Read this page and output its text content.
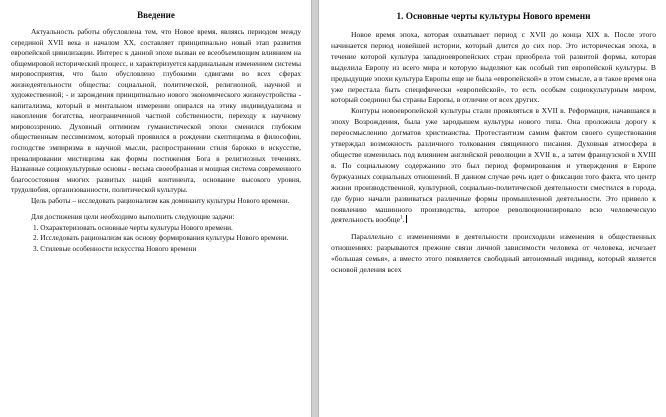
Введение

Актуальность работы обусловлена тем, что Новое время, являясь периодом между серединой XVII века и началом XX, составляет принципиально новый этап развития европейской цивилизации. Интерес к данной эпохе вызван ее всеобъемлющим влиянием на общемировой исторический процесс, и характеризуется кардинальным изменением системы мировосприятия, что было обусловлено глубокими сдвигами во всех сферах жизнедеятельности общества: социальной, политической, религиозной, научной и художественной; - и зарождения принципиально нового экономического жизнеустройства - капитализма, который в ментальном измерении опирался на этику индивидуализма и накопления богатства, неограниченной частной собственности, переходу к научному мировоззрению. Духовный оптимизм гуманистической эпохи сменился глубоким общественным пессимизмом, который проявился в рождении скептицизма в философии, господстве эмпиризма в научной мысли, распространении стиля барокко в искусстве, превалировании мистицизма как формы постижения Бога в религиозных течениях. Названные социокультурные основы - весьма своеобразная и мощная система современного благосостояния многих развитых наций континента, основание высокого уровня, трудолюбия, организованности, политической культуры.

Цель работы – исследовать рационализм как доминанту культуры Нового времени.

Для достижения цели необходимо выполнить следующие задачи:

1. Охарактеризовать основные черты культуры Нового времени.

2. Исследовать рационализм как основу формирования культуры Нового времени.

3. Стилевые особенности искусства Нового времени

1. Основные черты культуры Нового времени

Новое время эпоха, которая охватывает период с XVII до конца XIX в. После этого начинается период новейшей истории, который длится до сих пор. Это историческая эпоха, в течение которой культура западноевропейских стран приобрела той развитой формы, которая выделила Европу из всего мира и которую выделяют как особый тип европейской культуры. В предыдущие эпохи культура Европы еще не была «европейской» в этом смысле, а в такое время она уже пересталa быть специфически «европейской», то есть особым социокультурным миром, который соединил бы страны Европы, в отличие от всех других.

Контуры новоевропейской культуры стали проявляться в XVII в. Реформация, начавшаяся в эпоху Возрождения, была уже зародышем культуры нового типа. Она проложила дорогу к переосмыслению догматов христианства. Протестантизм самим фактом своего существования утверждал возможность различного толкования священного писания. Духовная атмосфера в обществе изменилась под влиянием английской революции в XVII в., а затем французской в XVIII в. По социальному содержанию это был период формирования и утверждения в Европе буржуазных социальных отношений. В данном случае речь идет о фиксации того факта, что центр жизни производственной, культурной, социально-политической деятельности сместился в города, где бурно начали развиваться различные формы промышленной деятельности. Это привело к появлению машинного производства, которое революционизировало всю человеческую деятельность вообще$^1$.

Параллельно с изменениями в деятельности происходили изменения в общественных отношениях: разрываются прежние связи личной зависимости человека от человека, исчезает «большая семья», а вместо этого появляется свободный автономный индивид, который является основой деления всех
